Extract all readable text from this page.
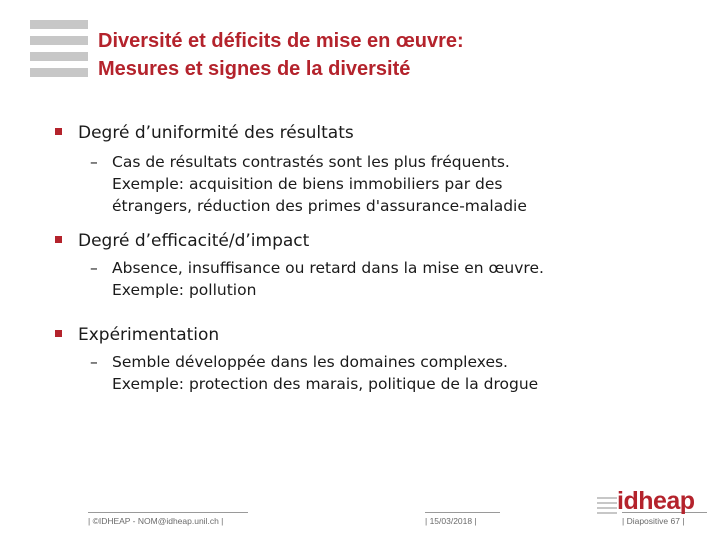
Diversité et déficits de mise en œuvre:
Mesures et signes de la diversité
Degré d’uniformité des résultats
– Cas de résultats contrastés sont les plus fréquents.
Exemple: acquisition de biens immobiliers par des
étrangers, réduction des primes d'assurance-maladie
Degré d’efficacité/d’impact
– Absence, insuffisance ou retard dans la mise en œuvre.
Exemple: pollution
Expérimentation
– Semble développée dans les domaines complexes.
Exemple: protection des marais, politique de la drogue
| ©IDHEAP - NOM@idheap.unil.ch |	| 15/03/2018 |	| Diapositive 67 |
idheap
